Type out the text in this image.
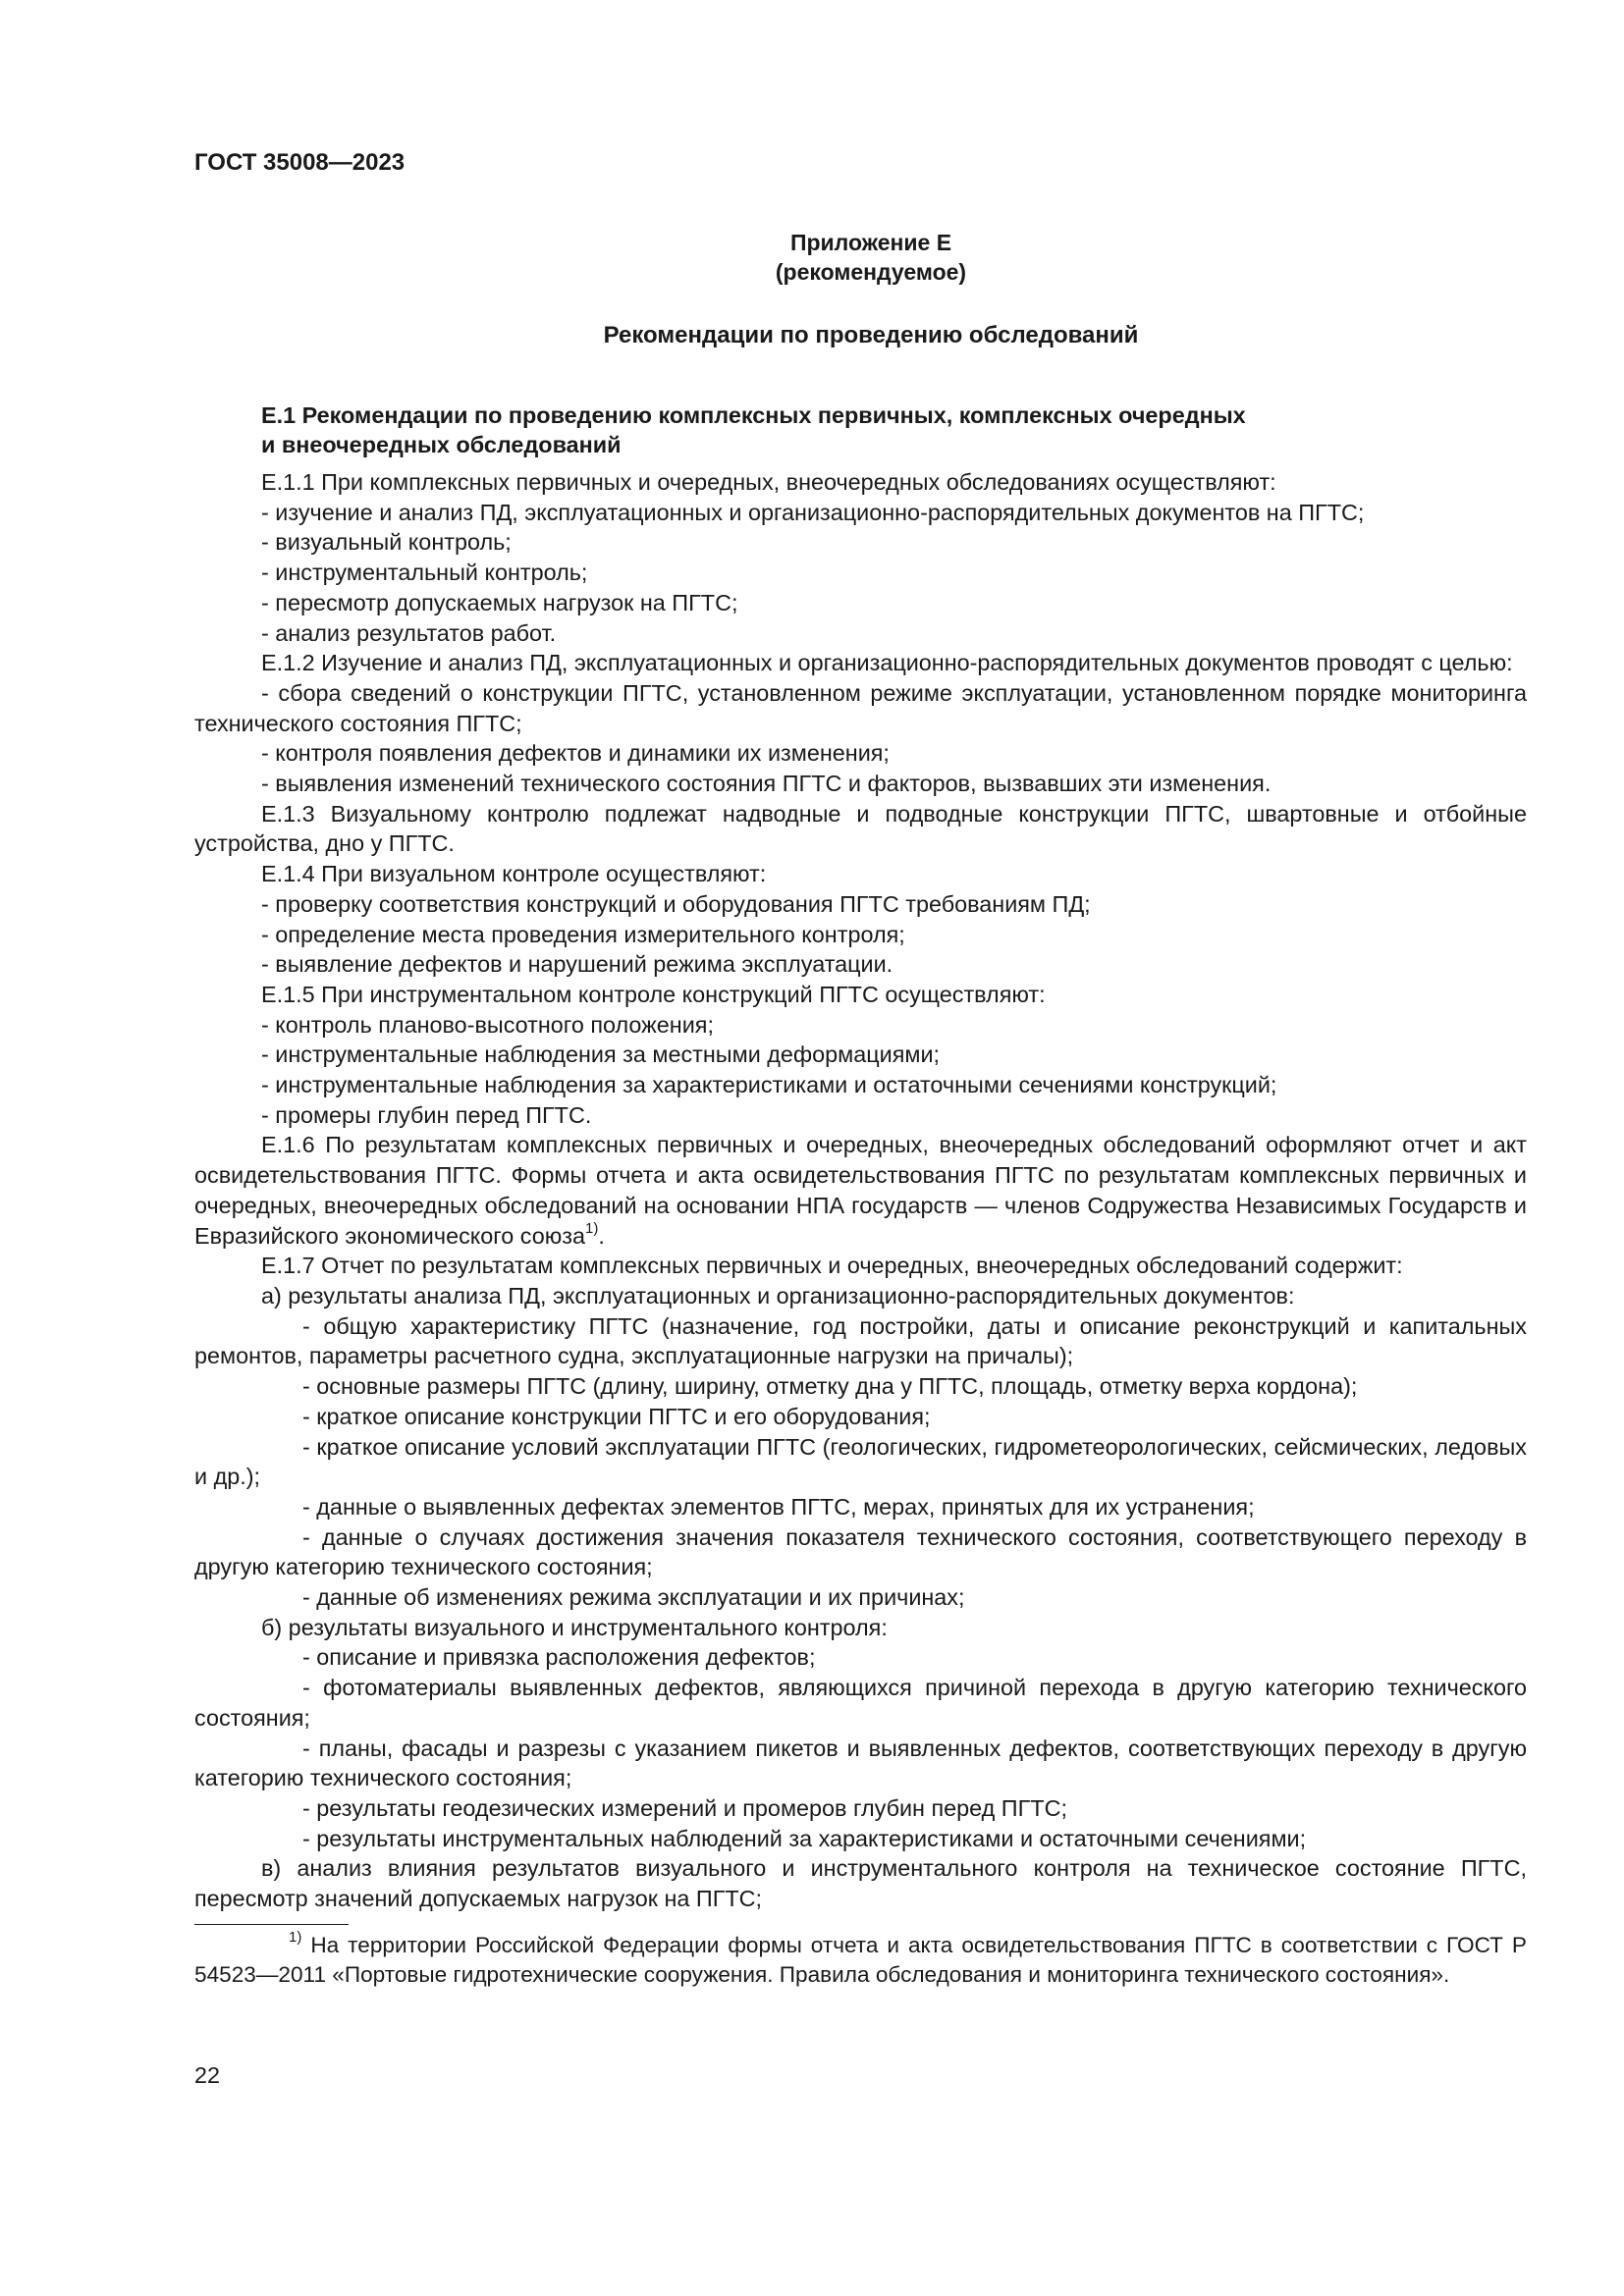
ГОСТ 35008—2023
Приложение Е
(рекомендуемое)
Рекомендации по проведению обследований

Е.1 Рекомендации по проведению комплексных первичных, комплексных очередных
и внеочередных обследований

Е.1.1 При комплексных первичных и очередных, внеочередных обследованиях осуществляют:

- изучение и анализ ПД, эксплуатационных и организационно-распорядительных документов на ПГТС;

- визуальный контроль;

- инструментальный контроль;

- пересмотр допускаемых нагрузок на ПГТС;

- анализ результатов работ.

Е.1.2 Изучение и анализ ПД, эксплуатационных и организационно-распорядительных документов проводят с целью:

- сбора сведений о конструкции ПГТС, установленном режиме эксплуатации, установленном порядке мониторинга технического состояния ПГТС;

- контроля появления дефектов и динамики их изменения;

- выявления изменений технического состояния ПГТС и факторов, вызвавших эти изменения.

Е.1.3 Визуальному контролю подлежат надводные и подводные конструкции ПГТС, швартовные и отбойные устройства, дно у ПГТС.

Е.1.4 При визуальном контроле осуществляют:

- проверку соответствия конструкций и оборудования ПГТС требованиям ПД;

- определение места проведения измерительного контроля;

- выявление дефектов и нарушений режима эксплуатации.

Е.1.5 При инструментальном контроле конструкций ПГТС осуществляют:

- контроль планово-высотного положения;

- инструментальные наблюдения за местными деформациями;

- инструментальные наблюдения за характеристиками и остаточными сечениями конструкций;

- промеры глубин перед ПГТС.

Е.1.6 По результатам комплексных первичных и очередных, внеочередных обследований оформляют отчет и акт освидетельствования ПГТС. Формы отчета и акта освидетельствования ПГТС по результатам комплексных первичных и очередных, внеочередных обследований на основании НПА государств — членов Содружества Независимых Государств и Евразийского экономического союза$^{1)}$.

Е.1.7 Отчет по результатам комплексных первичных и очередных, внеочередных обследований содержит:

а) результаты анализа ПД, эксплуатационных и организационно-распорядительных документов:

- общую характеристику ПГТС (назначение, год постройки, даты и описание реконструкций и капитальных ремонтов, параметры расчетного судна, эксплуатационные нагрузки на причалы);

- основные размеры ПГТС (длину, ширину, отметку дна у ПГТС, площадь, отметку верха кордона);

- краткое описание конструкции ПГТС и его оборудования;

- краткое описание условий эксплуатации ПГТС (геологических, гидрометеорологических, сейсмических, ледовых и др.);

- данные о выявленных дефектах элементов ПГТС, мерах, принятых для их устранения;

- данные о случаях достижения значения показателя технического состояния, соответствующего переходу в другую категорию технического состояния;

- данные об изменениях режима эксплуатации и их причинах;

б) результаты визуального и инструментального контроля:

- описание и привязка расположения дефектов;

- фотоматериалы выявленных дефектов, являющихся причиной перехода в другую категорию технического состояния;

- планы, фасады и разрезы с указанием пикетов и выявленных дефектов, соответствующих переходу в другую категорию технического состояния;

- результаты геодезических измерений и промеров глубин перед ПГТС;

- результаты инструментальных наблюдений за характеристиками и остаточными сечениями;

в) анализ влияния результатов визуального и инструментального контроля на техническое состояние ПГТС, пересмотр значений допускаемых нагрузок на ПГТС;

$^{1)}$ На территории Российской Федерации формы отчета и акта освидетельствования ПГТС в соответствии с ГОСТ Р 54523—2011 «Портовые гидротехнические сооружения. Правила обследования и мониторинга технического состояния».

22
